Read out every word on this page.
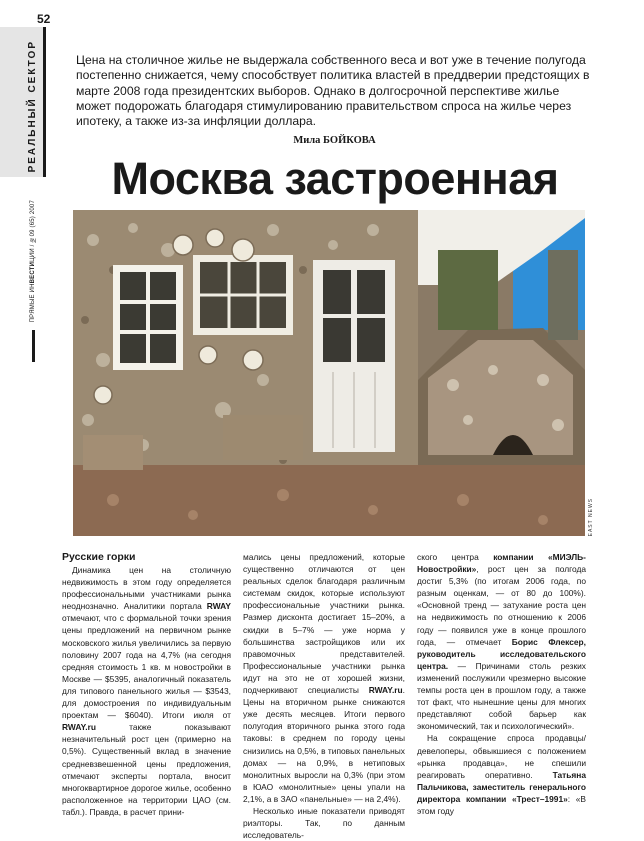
52
РЕАЛЬНЫЙ СЕКТОР НЕДВИЖИМОСТЬ
ПРЯМЫЕ ИНВЕСТИЦИИ / №09 (65) 2007
Цена на столичное жилье не выдержала собственного веса и вот уже в течение полугода постепенно снижается, чему способствует политика властей в преддверии предстоящих в марте 2008 года президентских выборов. Однако в долгосрочной перспективе жилье может подорожать благодаря стимулированию правительством спроса на жилье через ипотеку, а также из-за инфляции доллара.
Мила БОЙКОВА
Москва застроенная
EAST NEWS
Русские горки

Динамика цен на столичную недвижимость в этом году определяется профессиональными участниками рынка неоднозначно. Аналитики портала RWAY отмечают, что с формальной точки зрения цены предложений на первичном рынке московского жилья увеличились за первую половину 2007 года на 4,7% (на сегодня средняя стоимость 1 кв. м новостройки в Москве — $5395, аналогичный показатель для типового панельного жилья — $3543, для домостроения по индивидуальным проектам — $6040). Итоги июля от RWAY.ru также показывают незначительный рост цен (примерно на 0,5%). Существенный вклад в значение средневзвешенной цены предложения, отмечают эксперты портала, вносит многоквартирное дорогое жилье, особенно расположенное на территории ЦАО (см. табл.). Правда, в расчет прини-

мались цены предложений, которые существенно отличаются от цен реальных сделок благодаря различным системам скидок, которые используют профессиональные участники рынка. Размер дисконта достигает 15–20%, а скидки в 5–7% — уже норма у большинства застройщиков или их правомочных представителей. Профессиональные участники рынка идут на это не от хорошей жизни, подчеркивают специалисты RWAY.ru. Цены на вторичном рынке снижаются уже десять месяцев. Итоги первого полугодия вторичного рынка этого года таковы: в среднем по городу цены снизились на 0,5%, в типовых панельных домах — на 0,9%, в нетиповых монолитных выросли на 0,3% (при этом в ЮАО «монолитные» цены упали на 2,1%, а в ЗАО «панельные» — на 2,4%).

Несколько иные показатели приводят риэлторы. Так, по данным исследователь-

ского центра компании «МИЭЛЬ-Новостройки», рост цен за полгода достиг 5,3% (по итогам 2006 года, по разным оценкам, — от 80 до 100%). «Основной тренд — затухание роста цен на недвижимость по отношению к 2006 году — появился уже в конце прошлого года, — отмечает Борис Флексер, руководитель исследовательского центра. — Причинами столь резких изменений послужили чрезмерно высокие темпы роста цен в прошлом году, а также тот факт, что нынешние цены для многих представляют собой барьер как экономический, так и психологический».

На сокращение спроса продавцы/девелоперы, обвыкшиеся с положением «рынка продавца», не спешили реагировать оперативно. Татьяна Пальчикова, заместитель генерального директора компании «Трест–1991»: «В этом году
